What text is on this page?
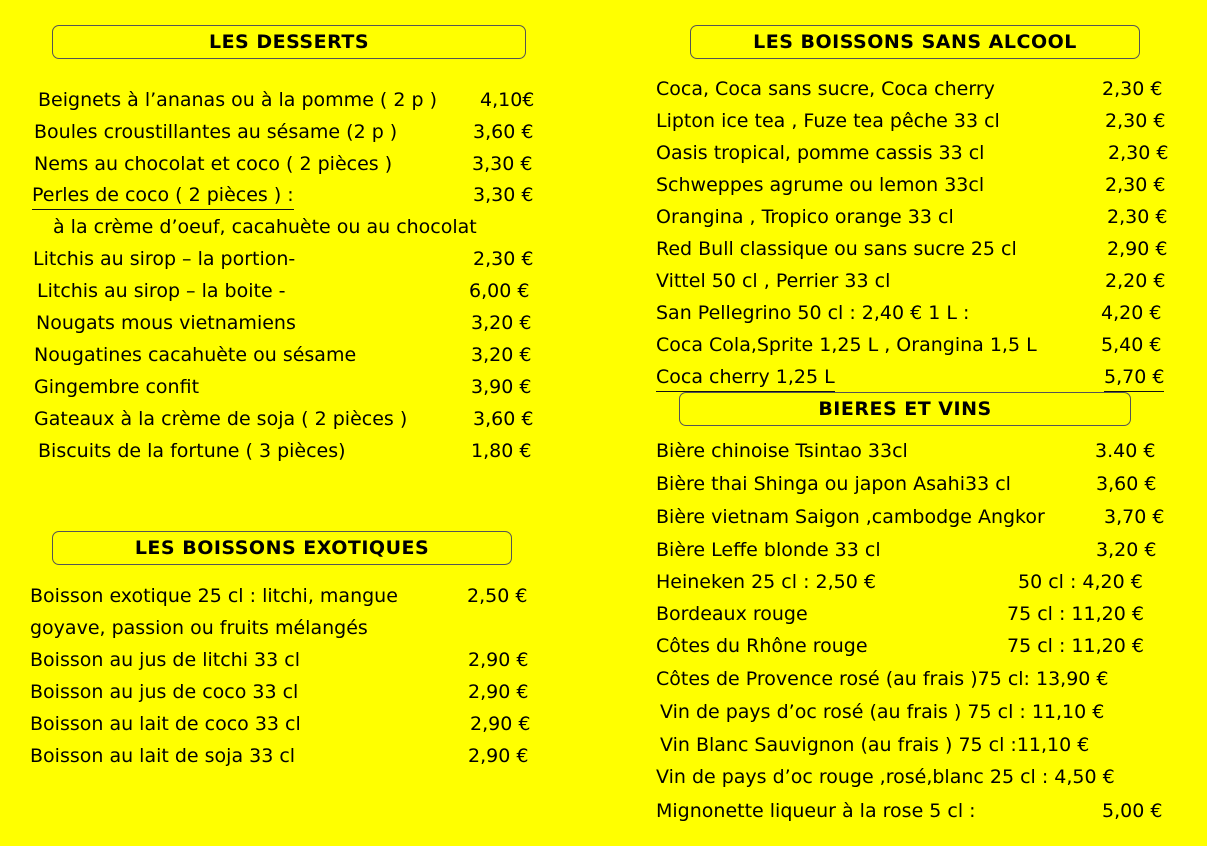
LES DESSERTS
Beignets à l’ananas ou à la pomme ( 2 p ) 4,10€
Boules croustillantes au sésame (2 p )	3,60 €
Nems au chocolat et coco ( 2 pièces )	3,30 €
Perles de coco ( 2 pièces ) :	3,30 €
à la crème d’oeuf, cacahuète ou au chocolat
Litchis au sirop – la portion-	2,30 €
Litchis au sirop – la boite -	6,00 €
Nougats mous vietnamiens	3,20 €
Nougatines cacahuète ou sésame	3,20 €
Gingembre confit	3,90 €
Gateaux à la crème de soja ( 2 pièces )	3,60 €
Biscuits de la fortune ( 3 pièces)	1,80 €
LES BOISSONS EXOTIQUES
Boisson exotique 25 cl : litchi, mangue	2,50 €
goyave, passion ou fruits mélangés
Boisson au jus de litchi 33 cl	2,90 €
Boisson au jus de coco 33 cl	2,90 €
Boisson au lait de coco 33 cl	2,90 €
Boisson au lait de soja 33 cl	2,90 €
LES BOISSONS SANS ALCOOL
Coca, Coca sans sucre, Coca cherry	2,30 €
Lipton ice tea , Fuze tea pêche 33 cl	2,30 €
Oasis tropical, pomme cassis 33 cl	2,30 €
Schweppes agrume ou lemon 33cl	2,30 €
Orangina , Tropico orange 33 cl	2,30 €
Red Bull classique ou sans sucre 25 cl	2,90 €
Vittel 50 cl , Perrier 33 cl	2,20 €
San Pellegrino 50 cl : 2,40 € 1 L :	4,20 €
Coca Cola,Sprite 1,25 L , Orangina 1,5 L	5,40 €
Coca cherry 1,25 L	5,70 €
BIERES ET VINS
Bière chinoise Tsintao 33cl	3.40 €
Bière thai Shinga ou japon Asahi33 cl	3,60 €
Bière vietnam Saigon ,cambodge Angkor	3,70 €
Bière Leffe blonde 33 cl	3,20 €
Heineken 25 cl : 2,50 €	50 cl : 4,20 €
Bordeaux rouge	75 cl : 11,20 €
Côtes du Rhône rouge	75 cl : 11,20 €
Côtes de Provence rosé (au frais )75 cl: 13,90 €
Vin de pays d’oc rosé (au frais ) 75 cl : 11,10 €
Vin Blanc Sauvignon (au frais ) 75 cl :11,10 €
Vin de pays d’oc rouge ,rosé,blanc 25 cl : 4,50 €
Mignonette liqueur à la rose 5 cl :	5,00 €
